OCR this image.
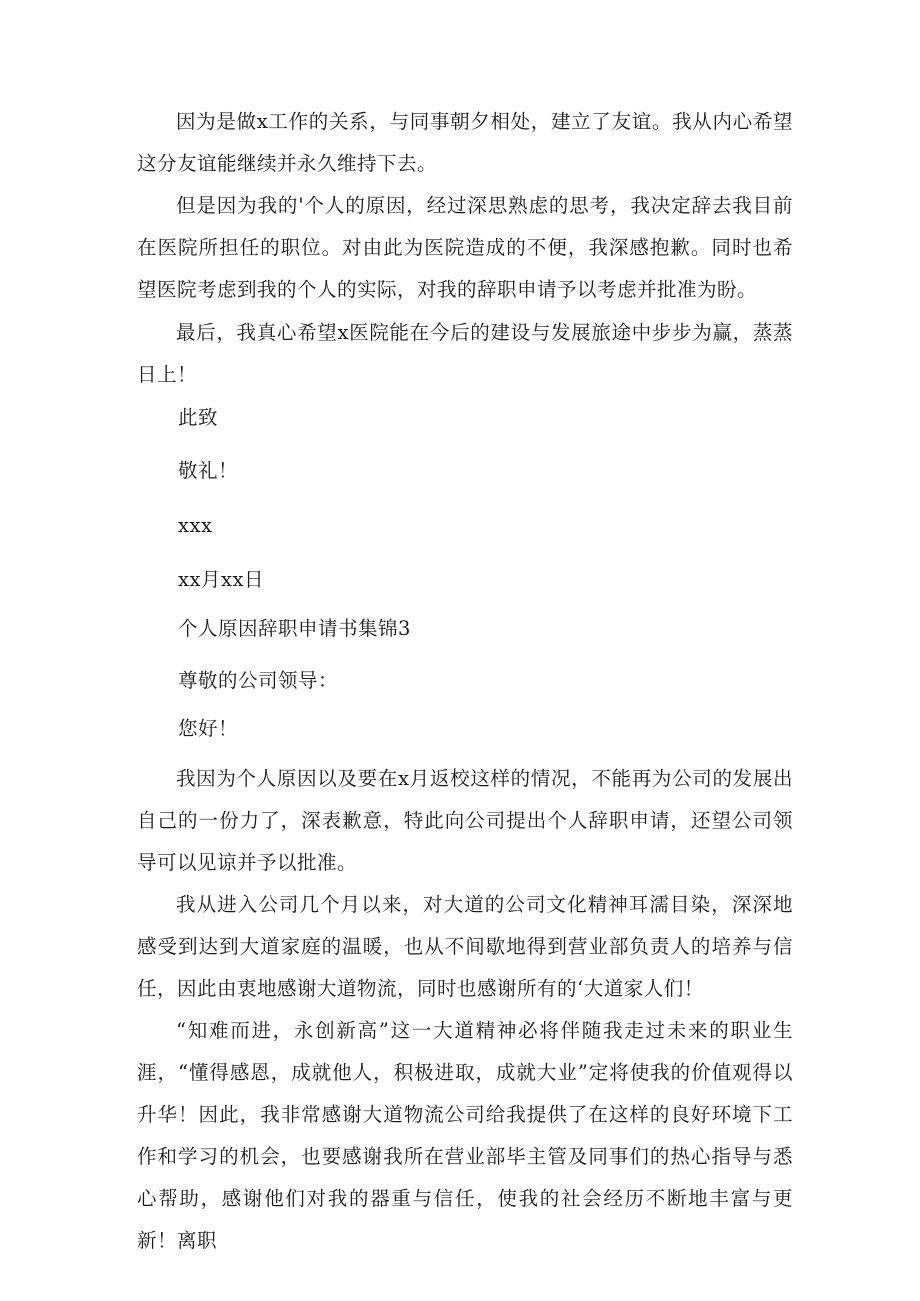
因为是做x工作的关系，与同事朝夕相处，建立了友谊。我从内心希望这分友谊能继续并永久维持下去。

但是因为我的'个人的原因，经过深思熟虑的思考，我决定辞去我目前在医院所担任的职位。对由此为医院造成的不便，我深感抱歉。同时也希望医院考虑到我的个人的实际，对我的辞职申请予以考虑并批准为盼。

最后，我真心希望x医院能在今后的建设与发展旅途中步步为赢，蒸蒸日上！

此致

敬礼！

xxx

xx月xx日

个人原因辞职申请书集锦3

尊敬的公司领导：

您好！

我因为个人原因以及要在x月返校这样的情况，不能再为公司的发展出自己的一份力了，深表歉意，特此向公司提出个人辞职申请，还望公司领导可以见谅并予以批准。

我从进入公司几个月以来，对大道的公司文化精神耳濡目染，深深地感受到达到大道家庭的温暖，也从不间歇地得到营业部负责人的培养与信任，因此由衷地感谢大道物流，同时也感谢所有的‘大道家人们！

“知难而进，永创新高”这一大道精神必将伴随我走过未来的职业生涯，“懂得感恩，成就他人，积极进取，成就大业”定将使我的价值观得以升华！因此，我非常感谢大道物流公司给我提供了在这样的良好环境下工作和学习的机会，也要感谢我所在营业部毕主管及同事们的热心指导与悉心帮助，感谢他们对我的器重与信任，使我的社会经历不断地丰富与更新！离职
